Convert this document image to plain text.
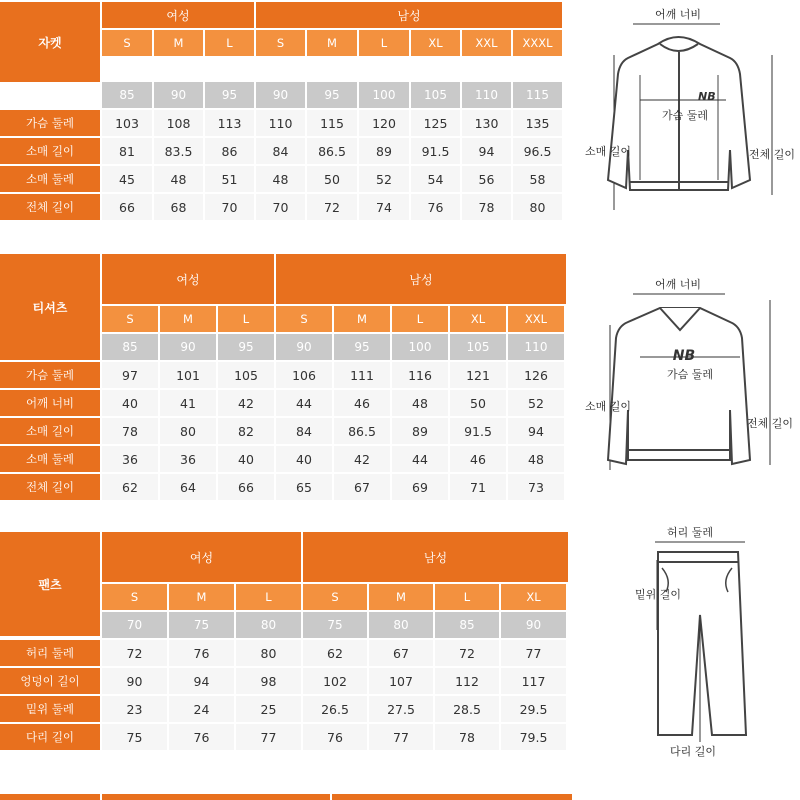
자켓
여성	남성
S	M	L	S	M	L	XL	XXL	XXXL
85	90	95	90	95	100	105	110	115
가슴 둘레	103	108	113	110	115	120	125	130	135
소매 길이	81	83.5	86	84	86.5	89	91.5	94	96.5
소매 둘레	45	48	51	48	50	52	54	56	58
전체 길이	66	68	70	70	72	74	76	78	80
티셔츠
여성	남성
S	M	L	S	M	L	XL	XXL
85	90	95	90	95	100	105	110
가슴 둘레	97	101	105	106	111	116	121	126
어깨 너비	40	41	42	44	46	48	50	52
소매 길이	78	80	82	84	86.5	89	91.5	94
소매 둘레	36	36	40	40	42	44	46	48
전체 길이	62	64	66	65	67	69	71	73
팬츠
여성	남성
S	M	L	S	M	L	XL
70	75	80	75	80	85	90
허리 둘레	72	76	80	62	67	72	77
엉덩이 길이	90	94	98	102	107	112	117
밑위 둘레	23	24	25	26.5	27.5	28.5	29.5
다리 길이	75	76	77	76	77	78	79.5
어깨 너비
NB
가슴 둘레
소매 길이	전체 길이
어깨 너비
NB
가슴 둘레
소매 길이
전체 길이
허리 둘레
밑위 길이
다리 길이
